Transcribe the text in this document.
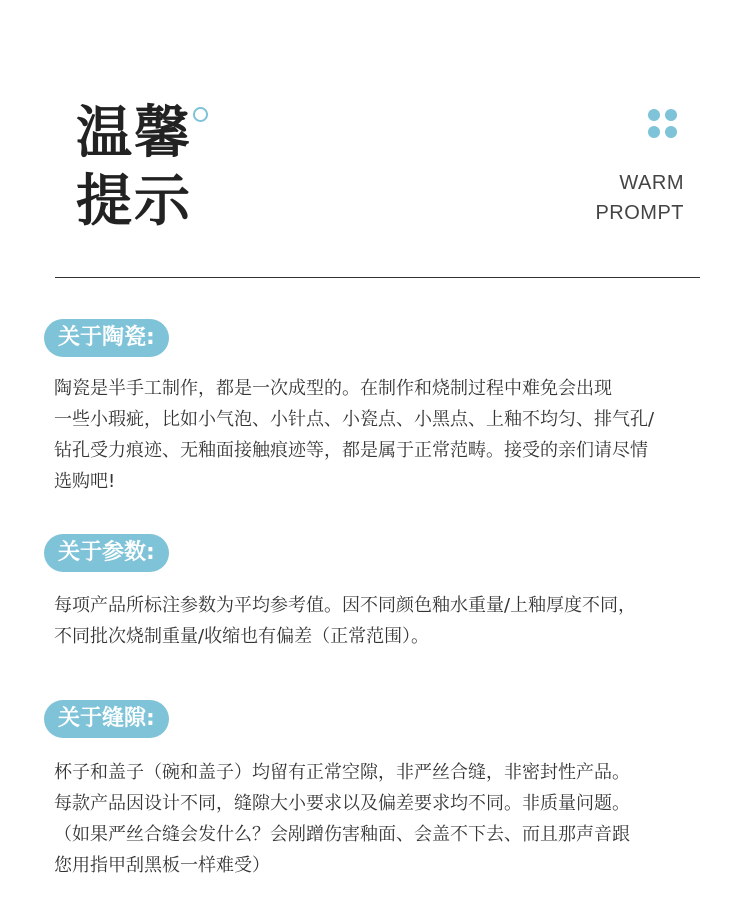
温馨
提示	WARM
PROMPT
关于陶瓷:
陶瓷是半手工制作，都是一次成型的。在制作和烧制过程中难免会出现
一些小瑕疵，比如小气泡、小针点、小瓷点、小黑点、上釉不均匀、排气孔/
钻孔受力痕迹、无釉面接触痕迹等，都是属于正常范畴。接受的亲们请尽情
选购吧!
关于参数:
每项产品所标注参数为平均参考值。因不同颜色釉水重量/上釉厚度不同，
不同批次烧制重量/收缩也有偏差（正常范围）。
关于缝隙:
杯子和盖子（碗和盖子）均留有正常空隙，非严丝合缝，非密封性产品。
每款产品因设计不同，缝隙大小要求以及偏差要求均不同。非质量问题。
（如果严丝合缝会发什么？会剐蹭伤害釉面、会盖不下去、而且那声音跟
您用指甲刮黑板一样难受）
